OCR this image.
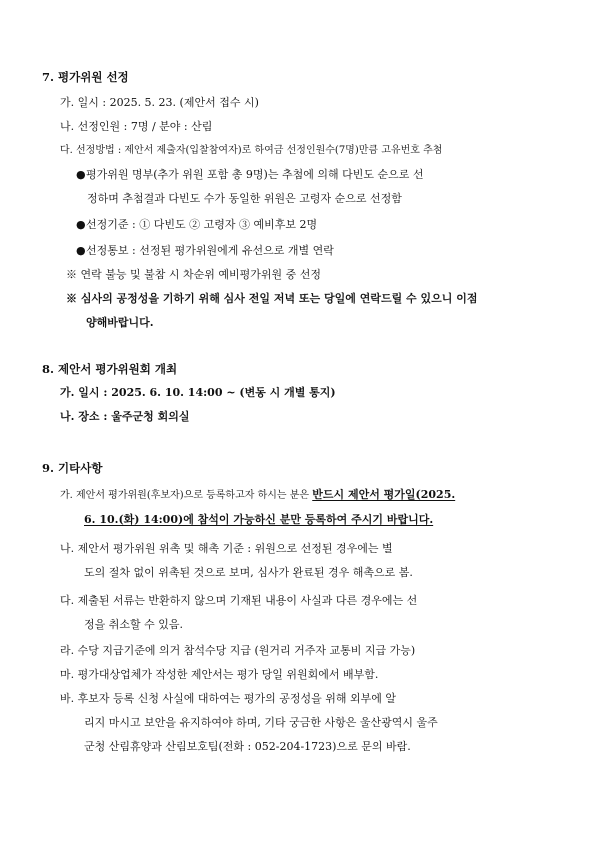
7. 평가위원 선정
가. 일시 : 2025. 5. 23. (제안서 접수 시)
나. 선정인원 : 7명 / 분야 : 산림
다. 선정방법 : 제안서 제출자(입찰참여자)로 하여금 선정인원수(7명)만큼 고유번호 추첨
●평가위원 명부(추가 위원 포함 총 9명)는 추첨에 의해 다빈도 순으로 선
정하며 추첨결과 다빈도 수가 동일한 위원은 고령자 순으로 선정함
●선정기준 : ① 다빈도 ② 고령자 ③ 예비후보 2명
●선정통보 : 선정된 평가위원에게 유선으로 개별 연락
※ 연락 불능 및 불참 시 차순위 예비평가위원 중 선정
※ 심사의 공정성을 기하기 위해 심사 전일 저녁 또는 당일에 연락드릴 수 있으니 이점
양해바랍니다.
8. 제안서 평가위원회 개최
가. 일시 : 2025. 6. 10. 14:00 ~ (변동 시 개별 통지)
나. 장소 : 울주군청 회의실
9. 기타사항
가. 제안서 평가위원(후보자)으로 등록하고자 하시는 분은 반드시 제안서 평가일(2025.
6. 10.(화) 14:00)에 참석이 가능하신 분만 등록하여 주시기 바랍니다.
나. 제안서 평가위원 위촉 및 해촉 기준 : 위원으로 선정된 경우에는 별
도의 절차 없이 위촉된 것으로 보며, 심사가 완료된 경우 해촉으로 봄.
다. 제출된 서류는 반환하지 않으며 기재된 내용이 사실과 다른 경우에는 선
정을 취소할 수 있음.
라. 수당 지급기준에 의거 참석수당 지급 (원거리 거주자 교통비 지급 가능)
마. 평가대상업체가 작성한 제안서는 평가 당일 위원회에서 배부함.
바. 후보자 등록 신청 사실에 대하여는 평가의 공정성을 위해 외부에 알
리지 마시고 보안을 유지하여야 하며, 기타 궁금한 사항은 울산광역시 울주
군청 산림휴양과 산림보호팀(전화 : 052-204-1723)으로 문의 바람.
